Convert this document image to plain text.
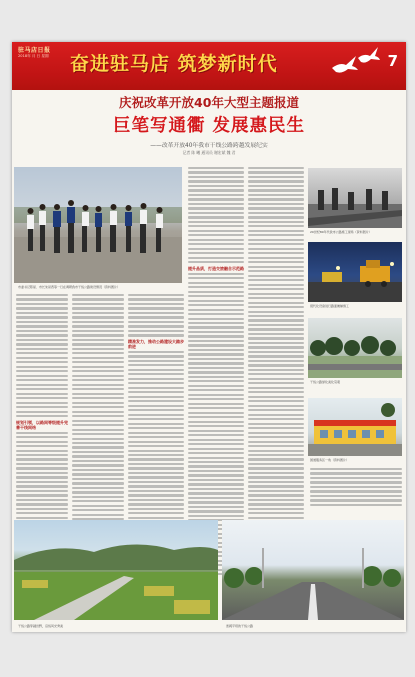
驻马店日报
2018年 月 日 星期 奋进驻马店 筑梦新时代	7
庆祝改革开放40年大型主题报道
巨笔写通衢 发展惠民生
——改革开放40年我市干线公路跨越发展纪实
记者 陈 曦 通讯员 谢宏斌 魏 君
市委书记陈星、市长朱是西等一行在调研我市干线公路建设情况（资料图片）
规划引领，以路网等级提升完善干线网络
精准发力，推动公路建设大踏步前进
提升品质，打造交旅融合示范路
20世纪80年代我市公路施工现场（资料图片）
现代化设备进行路面摊铺施工
干线公路绿化美化景观
国道服务区一角（资料图片）
干线公路穿越田野，沿线风光秀美	宽阔平坦的干线公路
